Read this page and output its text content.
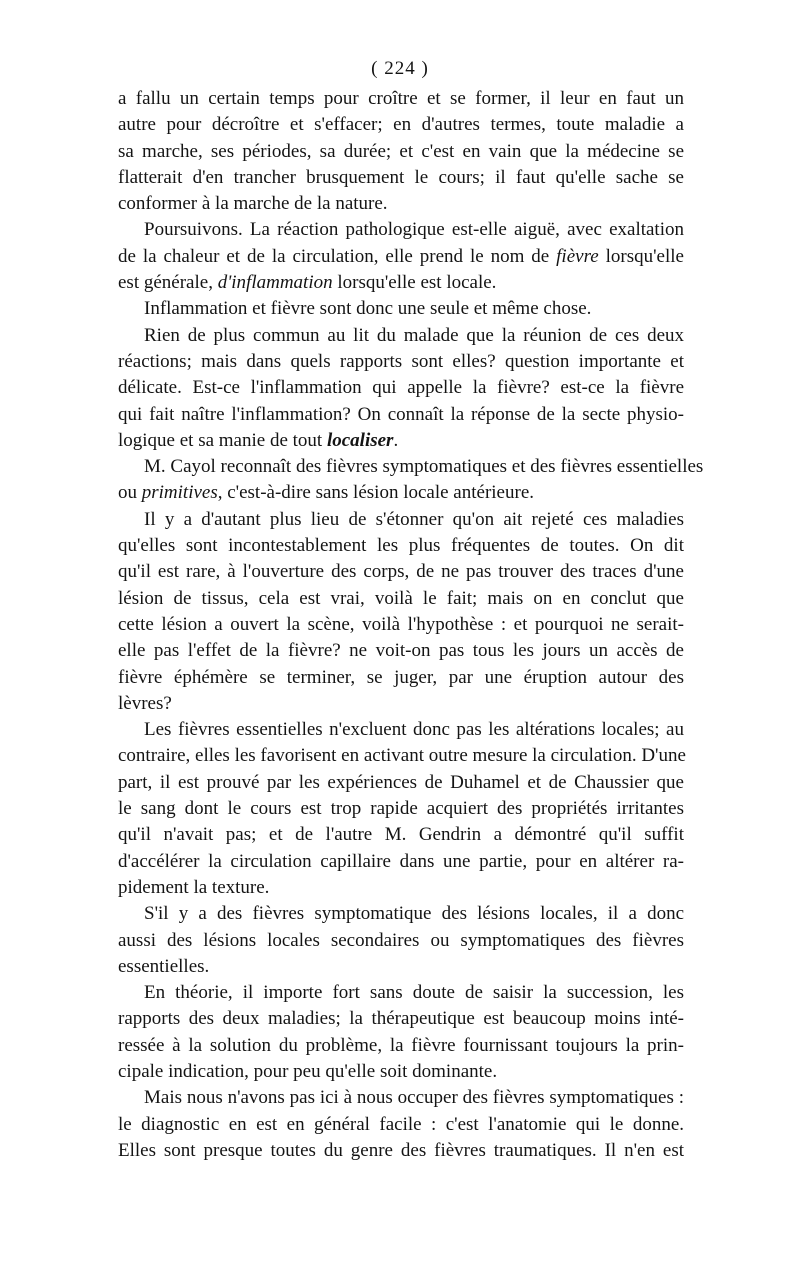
( 224 )
a fallu un certain temps pour croître et se former, il leur en faut un
autre pour décroître et s'effacer; en d'autres termes, toute maladie a
sa marche, ses périodes, sa durée; et c'est en vain que la médecine se
flatterait d'en trancher brusquement le cours; il faut qu'elle sache se
conformer à la marche de la nature.
Poursuivons. La réaction pathologique est-elle aiguë, avec exaltation
de la chaleur et de la circulation, elle prend le nom de fièvre lorsqu'elle
est générale, d'inflammation lorsqu'elle est locale.
Inflammation et fièvre sont donc une seule et même chose.
Rien de plus commun au lit du malade que la réunion de ces deux
réactions; mais dans quels rapports sont elles? question importante et
délicate. Est-ce l'inflammation qui appelle la fièvre? est-ce la fièvre
qui fait naître l'inflammation? On connaît la réponse de la secte physio-
logique et sa manie de tout localiser.
M. Cayol reconnaît des fièvres symptomatiques et des fièvres essentielles
ou primitives, c'est-à-dire sans lésion locale antérieure.
Il y a d'autant plus lieu de s'étonner qu'on ait rejeté ces maladies
qu'elles sont incontestablement les plus fréquentes de toutes. On dit
qu'il est rare, à l'ouverture des corps, de ne pas trouver des traces d'une
lésion de tissus, cela est vrai, voilà le fait; mais on en conclut que
cette lésion a ouvert la scène, voilà l'hypothèse : et pourquoi ne serait-
elle pas l'effet de la fièvre? ne voit-on pas tous les jours un accès de
fièvre éphémère se terminer, se juger, par une éruption autour des
lèvres?
Les fièvres essentielles n'excluent donc pas les altérations locales; au
contraire, elles les favorisent en activant outre mesure la circulation. D'une
part, il est prouvé par les expériences de Duhamel et de Chaussier que
le sang dont le cours est trop rapide acquiert des propriétés irritantes
qu'il n'avait pas; et de l'autre M. Gendrin a démontré qu'il suffit
d'accélérer la circulation capillaire dans une partie, pour en altérer ra-
pidement la texture.
S'il y a des fièvres symptomatique des lésions locales, il a donc
aussi des lésions locales secondaires ou symptomatiques des fièvres
essentielles.
En théorie, il importe fort sans doute de saisir la succession, les
rapports des deux maladies; la thérapeutique est beaucoup moins inté-
ressée à la solution du problème, la fièvre fournissant toujours la prin-
cipale indication, pour peu qu'elle soit dominante.
Mais nous n'avons pas ici à nous occuper des fièvres symptomatiques :
le diagnostic en est en général facile : c'est l'anatomie qui le donne.
Elles sont presque toutes du genre des fièvres traumatiques. Il n'en est
